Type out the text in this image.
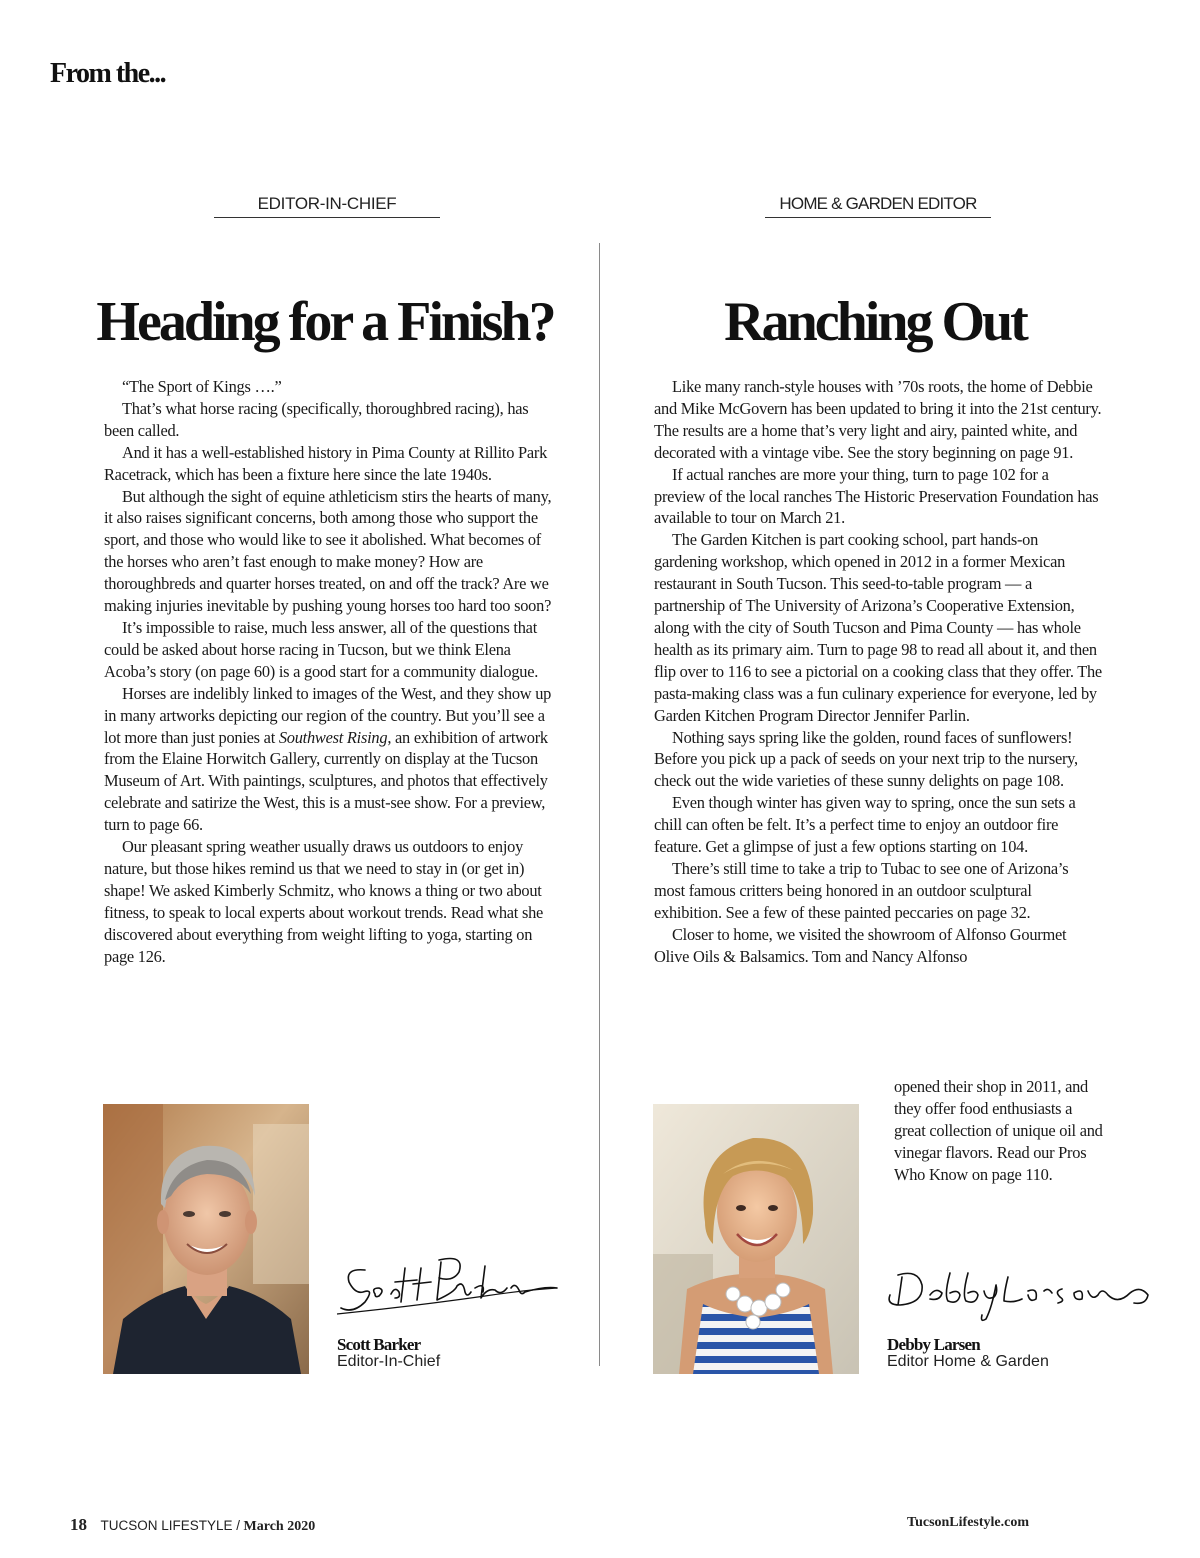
From the...
EDITOR-IN-CHIEF	HOME & GARDEN EDITOR
Heading for a Finish?	Ranching Out

“The Sport of Kings ….”

That’s what horse racing (specifically, thoroughbred racing), has been called.

And it has a well-established history in Pima County at Rillito Park Racetrack, which has been a fixture here since the late 1940s.

But although the sight of equine athleticism stirs the hearts of many, it also raises significant concerns, both among those who support the sport, and those who would like to see it abolished. What becomes of the horses who aren’t fast enough to make money? How are thoroughbreds and quarter horses treated, on and off the track? Are we making injuries inevitable by pushing young horses too hard too soon?

It’s impossible to raise, much less answer, all of the questions that could be asked about horse racing in Tucson, but we think Elena Acoba’s story (on page 60) is a good start for a community dialogue.

Horses are indelibly linked to images of the West, and they show up in many artworks depicting our region of the country. But you’ll see a lot more than just ponies at Southwest Rising, an exhibition of artwork from the Elaine Horwitch Gallery, currently on display at the Tucson Museum of Art. With paintings, sculptures, and photos that effectively celebrate and satirize the West, this is a must-see show. For a preview, turn to page 66.

Our pleasant spring weather usually draws us outdoors to enjoy nature, but those hikes remind us that we need to stay in (or get in) shape! We asked Kimberly Schmitz, who knows a thing or two about fitness, to speak to local experts about workout trends. Read what she discovered about everything from weight lifting to yoga, starting on page 126.

Like many ranch-style houses with ’70s roots, the home of Debbie and Mike McGovern has been updated to bring it into the 21st century. The results are a home that’s very light and airy, painted white, and decorated with a vintage vibe. See the story beginning on page 91.

If actual ranches are more your thing, turn to page 102 for a preview of the local ranches The Historic Preservation Foundation has available to tour on March 21.

The Garden Kitchen is part cooking school, part hands-on gardening workshop, which opened in 2012 in a former Mexican restaurant in South Tucson. This seed-to-table program — a partnership of The University of Arizona’s Cooperative Extension, along with the city of South Tucson and Pima County — has whole health as its primary aim. Turn to page 98 to read all about it, and then flip over to 116 to see a pictorial on a cooking class that they offer. The pasta-making class was a fun culinary experience for everyone, led by Garden Kitchen Program Director Jennifer Parlin.

Nothing says spring like the golden, round faces of sunflowers! Before you pick up a pack of seeds on your next trip to the nursery, check out the wide varieties of these sunny delights on page 108.

Even though winter has given way to spring, once the sun sets a chill can often be felt. It’s a perfect time to enjoy an outdoor fire feature. Get a glimpse of just a few options starting on 104.

There’s still time to take a trip to Tubac to see one of Arizona’s most famous critters being honored in an outdoor sculptural exhibition. See a few of these painted peccaries on page 32.

Closer to home, we visited the showroom of Alfonso Gourmet Olive Oils & Balsamics. Tom and Nancy Alfonso

opened their shop in 2011, and they offer food enthusiasts a great collection of unique oil and vinegar flavors. Read our Pros Who Know on page 110.

Scott Barker
Editor-In-Chief
Debby Larsen
Editor Home & Garden
18 TUCSON LIFESTYLE / March 2020	TucsonLifestyle.com
